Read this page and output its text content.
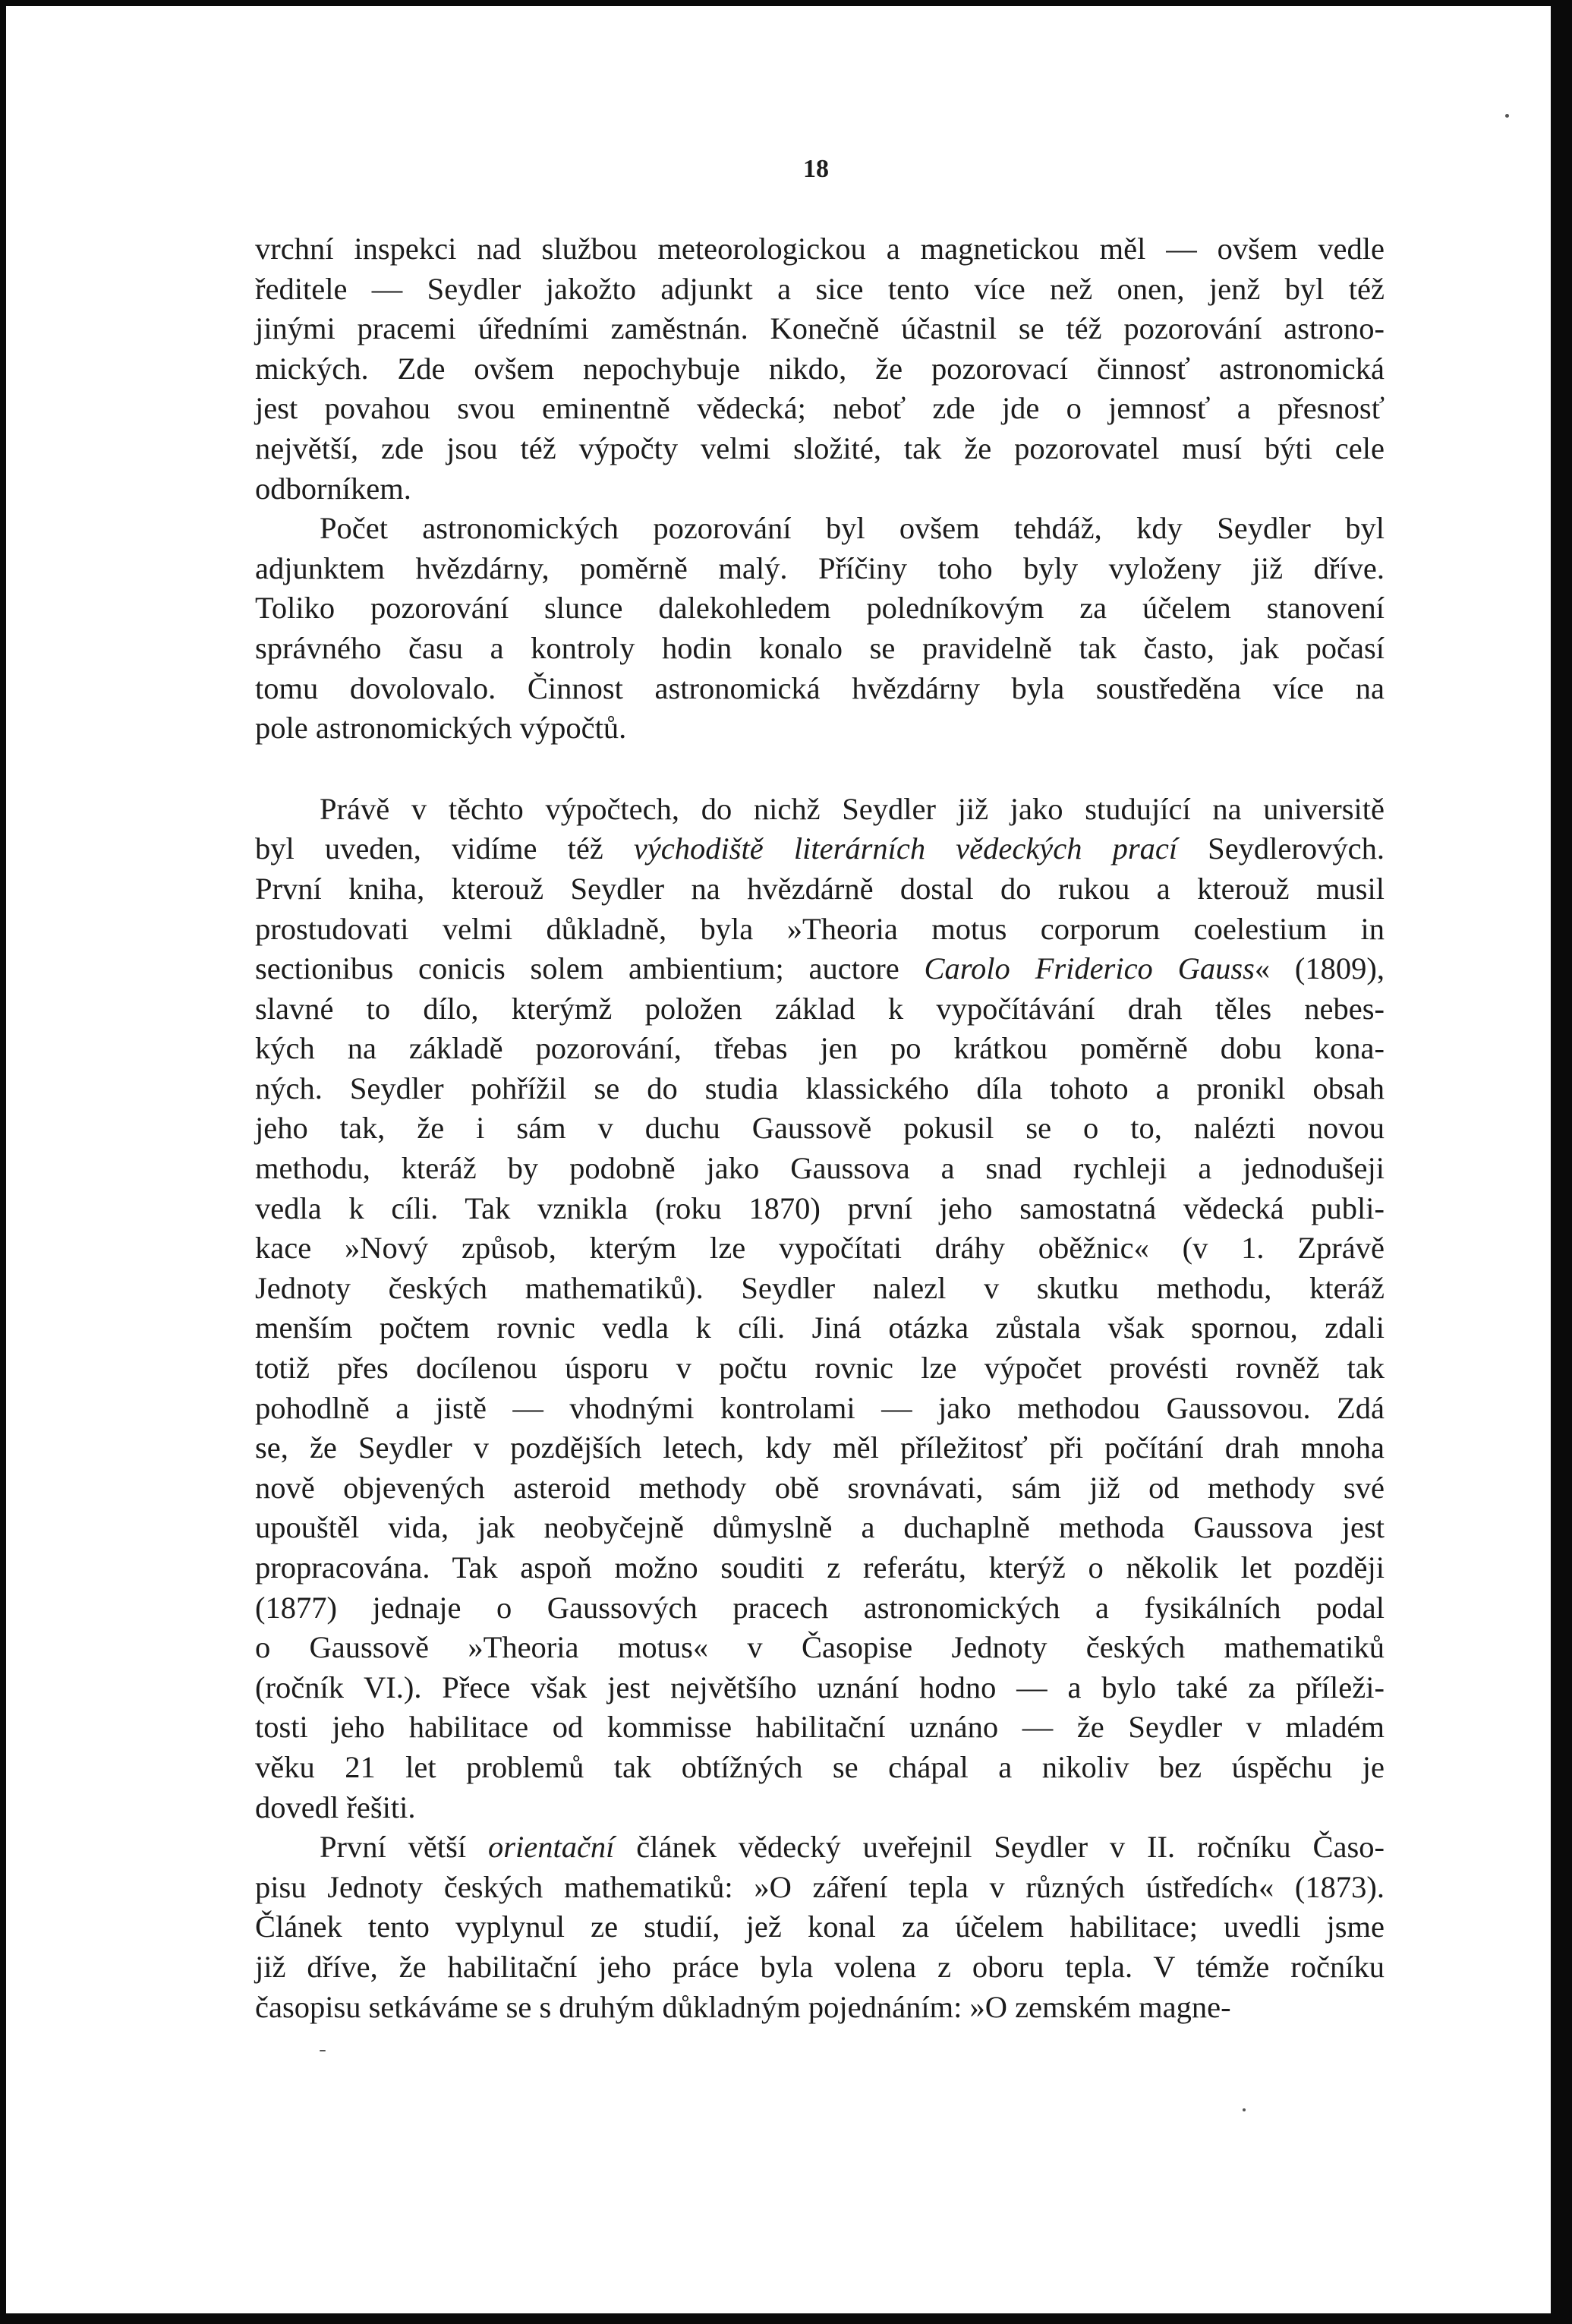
18
vrchní inspekci nad službou meteorologickou a magnetickou měl — ovšem vedle
ředitele — Seydler jakožto adjunkt a sice tento více než onen, jenž byl též
jinými pracemi úředními zaměstnán. Konečně účastnil se též pozorování astrono-
mických. Zde ovšem nepochybuje nikdo, že pozorovací činnosť astronomická
jest povahou svou eminentně vědecká; neboť zde jde o jemnosť a přesnosť
největší, zde jsou též výpočty velmi složité, tak že pozorovatel musí býti cele
odborníkem.
Počet astronomických pozorování byl ovšem tehdáž, kdy Seydler byl
adjunktem hvězdárny, poměrně malý. Příčiny toho byly vyloženy již dříve.
Toliko pozorování slunce dalekohledem poledníkovým za účelem stanovení
správného času a kontroly hodin konalo se pravidelně tak často, jak počasí
tomu dovolovalo. Činnost astronomická hvězdárny byla soustředěna více na
pole astronomických výpočtů.
Právě v těchto výpočtech, do nichž Seydler již jako studující na universitě
byl uveden, vidíme též východiště literárních vědeckých prací Seydlerových.
První kniha, kterouž Seydler na hvězdárně dostal do rukou a kterouž musil
prostudovati velmi důkladně, byla »Theoria motus corporum coelestium in
sectionibus conicis solem ambientium; auctore Carolo Friderico Gauss« (1809),
slavné to dílo, kterýmž položen základ k vypočítávání drah těles nebes-
kých na základě pozorování, třebas jen po krátkou poměrně dobu kona-
ných. Seydler pohřížil se do studia klassického díla tohoto a pronikl obsah
jeho tak, že i sám v duchu Gaussově pokusil se o to, nalézti novou
methodu, kteráž by podobně jako Gaussova a snad rychleji a jednodušeji
vedla k cíli. Tak vznikla (roku 1870) první jeho samostatná vědecká publi-
kace »Nový způsob, kterým lze vypočítati dráhy oběžnic« (v 1. Zprávě
Jednoty českých mathematiků). Seydler nalezl v skutku methodu, kteráž
menším počtem rovnic vedla k cíli. Jiná otázka zůstala však spornou, zdali
totiž přes docílenou úsporu v počtu rovnic lze výpočet provésti rovněž tak
pohodlně a jistě — vhodnými kontrolami — jako methodou Gaussovou. Zdá
se, že Seydler v pozdějších letech, kdy měl příležitosť při počítání drah mnoha
nově objevených asteroid methody obě srovnávati, sám již od methody své
upouštěl vida, jak neobyčejně důmyslně a duchaplně methoda Gaussova jest
propracována. Tak aspoň možno souditi z referátu, kterýž o několik let později
(1877) jednaje o Gaussových pracech astronomických a fysikálních podal
o Gaussově »Theoria motus« v Časopise Jednoty českých mathematiků
(ročník VI.). Přece však jest největšího uznání hodno — a bylo také za příleži-
tosti jeho habilitace od kommisse habilitační uznáno — že Seydler v mladém
věku 21 let problemů tak obtížných se chápal a nikoliv bez úspěchu je
dovedl řešiti.
První větší orientační článek vědecký uveřejnil Seydler v II. ročníku Časo-
pisu Jednoty českých mathematiků: »O záření tepla v různých ústředích« (1873).
Článek tento vyplynul ze studií, jež konal za účelem habilitace; uvedli jsme
již dříve, že habilitační jeho práce byla volena z oboru tepla. V témže ročníku
časopisu setkáváme se s druhým důkladným pojednáním: »O zemském magne-
